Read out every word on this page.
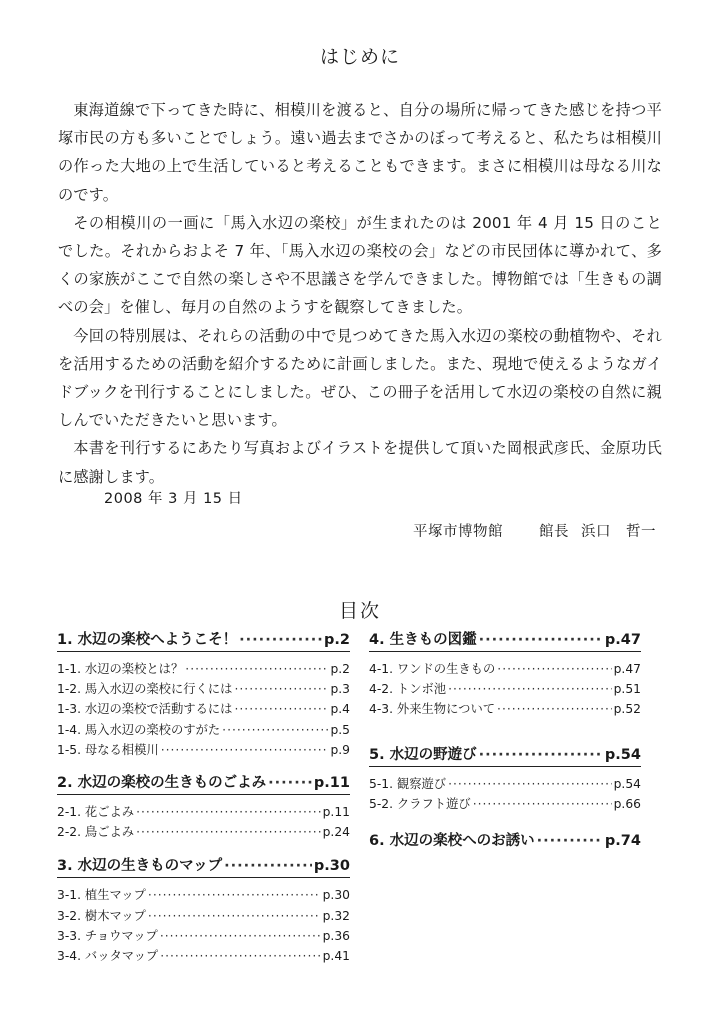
はじめに

東海道線で下ってきた時に、相模川を渡ると、自分の場所に帰ってきた感じを持つ平塚市民の方も多いことでしょう。遠い過去までさかのぼって考えると、私たちは相模川の作った大地の上で生活していると考えることもできます。まさに相模川は母なる川なのです。

その相模川の一画に「馬入水辺の楽校」が生まれたのは 2001 年 4 月 15 日のことでした。それからおよそ 7 年、「馬入水辺の楽校の会」などの市民団体に導かれて、多くの家族がここで自然の楽しさや不思議さを学んできました。博物館では「生きもの調べの会」を催し、毎月の自然のようすを観察してきました。

今回の特別展は、それらの活動の中で見つめてきた馬入水辺の楽校の動植物や、それを活用するための活動を紹介するために計画しました。また、現地で使えるようなガイドブックを刊行することにしました。ぜひ、この冊子を活用して水辺の楽校の自然に親しんでいただきたいと思います。

本書を刊行するにあたり写真およびイラストを提供して頂いた岡根武彦氏、金原功氏に感謝します。

2008 年 3 月 15 日
平塚市博物館 館長 浜口　哲一
目次
1. 水辺の楽校へようこそ！ ·····	p.2
1-1. 水辺の楽校とは？ ·····	p.2
1-2. 馬入水辺の楽校に行くには ·····	p.3
1-3. 水辺の楽校で活動するには ·····	p.4
1-4. 馬入水辺の楽校のすがた ·····	p.5
1-5. 母なる相模川 ·····	p.9
2. 水辺の楽校の生きものごよみ ·····	p.11
2-1. 花ごよみ ·····	p.11
2-2. 鳥ごよみ ·····	p.24
3. 水辺の生きものマップ ·····	p.30
3-1. 植生マップ ·····	p.30
3-2. 樹木マップ ·····	p.32
3-3. チョウマップ ·····	p.36
3-4. バッタマップ ·····	p.41
4. 生きもの図鑑 ·····	p.47
4-1. ワンドの生きもの ·····	p.47
4-2. トンボ池 ·····	p.51
4-3. 外来生物について ·····	p.52
5. 水辺の野遊び ·····	p.54
5-1. 観察遊び ·····	p.54
5-2. クラフト遊び ·····	p.66
6. 水辺の楽校へのお誘い ·····	p.74
